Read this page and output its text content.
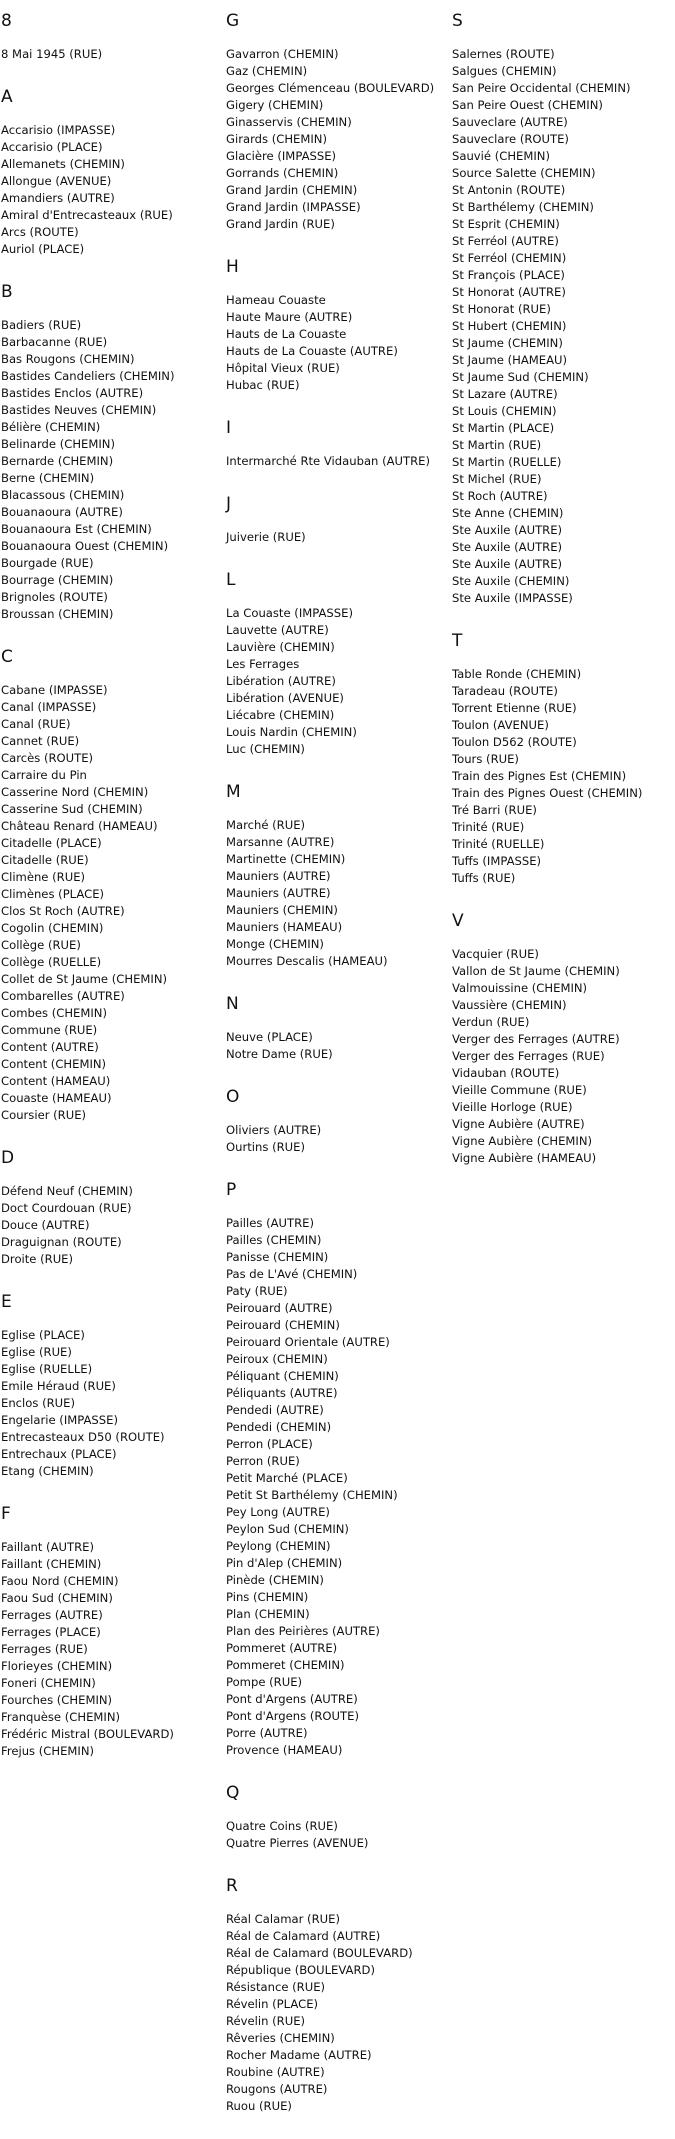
8
8 Mai 1945 (RUE)
A
Accarisio (IMPASSE)
Accarisio (PLACE)
Allemanets (CHEMIN)
Allongue (AVENUE)
Amandiers (AUTRE)
Amiral d'Entrecasteaux (RUE)
Arcs (ROUTE)
Auriol (PLACE)
B
Badiers (RUE)
Barbacanne (RUE)
Bas Rougons (CHEMIN)
Bastides Candeliers (CHEMIN)
Bastides Enclos (AUTRE)
Bastides Neuves (CHEMIN)
Bélière (CHEMIN)
Belinarde (CHEMIN)
Bernarde (CHEMIN)
Berne (CHEMIN)
Blacassous (CHEMIN)
Bouanaoura (AUTRE)
Bouanaoura Est (CHEMIN)
Bouanaoura Ouest (CHEMIN)
Bourgade (RUE)
Bourrage (CHEMIN)
Brignoles (ROUTE)
Broussan (CHEMIN)
C
Cabane (IMPASSE)
Canal (IMPASSE)
Canal (RUE)
Cannet (RUE)
Carcès (ROUTE)
Carraire du Pin
Casserine Nord (CHEMIN)
Casserine Sud (CHEMIN)
Château Renard (HAMEAU)
Citadelle (PLACE)
Citadelle (RUE)
Climène (RUE)
Climènes (PLACE)
Clos St Roch (AUTRE)
Cogolin (CHEMIN)
Collège (RUE)
Collège (RUELLE)
Collet de St Jaume (CHEMIN)
Combarelles (AUTRE)
Combes (CHEMIN)
Commune (RUE)
Content (AUTRE)
Content (CHEMIN)
Content (HAMEAU)
Couaste (HAMEAU)
Coursier (RUE)
D
Défend Neuf (CHEMIN)
Doct Courdouan (RUE)
Douce (AUTRE)
Draguignan (ROUTE)
Droite (RUE)
E
Eglise (PLACE)
Eglise (RUE)
Eglise (RUELLE)
Emile Héraud (RUE)
Enclos (RUE)
Engelarie (IMPASSE)
Entrecasteaux D50 (ROUTE)
Entrechaux (PLACE)
Etang (CHEMIN)
F
Faillant (AUTRE)
Faillant (CHEMIN)
Faou Nord (CHEMIN)
Faou Sud (CHEMIN)
Ferrages (AUTRE)
Ferrages (PLACE)
Ferrages (RUE)
Florieyes (CHEMIN)
Foneri (CHEMIN)
Fourches (CHEMIN)
Franquèse (CHEMIN)
Frédéric Mistral (BOULEVARD)
Frejus (CHEMIN)
G
Gavarron (CHEMIN)
Gaz (CHEMIN)
Georges Clémenceau (BOULEVARD)
Gigery (CHEMIN)
Ginasservis (CHEMIN)
Girards (CHEMIN)
Glacière (IMPASSE)
Gorrands (CHEMIN)
Grand Jardin (CHEMIN)
Grand Jardin (IMPASSE)
Grand Jardin (RUE)
H
Hameau Couaste
Haute Maure (AUTRE)
Hauts de La Couaste
Hauts de La Couaste (AUTRE)
Hôpital Vieux (RUE)
Hubac (RUE)
I
Intermarché Rte Vidauban (AUTRE)
J
Juiverie (RUE)
L
La Couaste (IMPASSE)
Lauvette (AUTRE)
Lauvière (CHEMIN)
Les Ferrages
Libération (AUTRE)
Libération (AVENUE)
Liécabre (CHEMIN)
Louis Nardin (CHEMIN)
Luc (CHEMIN)
M
Marché (RUE)
Marsanne (AUTRE)
Martinette (CHEMIN)
Mauniers (AUTRE)
Mauniers (AUTRE)
Mauniers (CHEMIN)
Mauniers (HAMEAU)
Monge (CHEMIN)
Mourres Descalis (HAMEAU)
N
Neuve (PLACE)
Notre Dame (RUE)
O
Oliviers (AUTRE)
Ourtins (RUE)
P
Pailles (AUTRE)
Pailles (CHEMIN)
Panisse (CHEMIN)
Pas de L'Avé (CHEMIN)
Paty (RUE)
Peirouard (AUTRE)
Peirouard (CHEMIN)
Peirouard Orientale (AUTRE)
Peiroux (CHEMIN)
Péliquant (CHEMIN)
Péliquants (AUTRE)
Pendedi (AUTRE)
Pendedi (CHEMIN)
Perron (PLACE)
Perron (RUE)
Petit Marché (PLACE)
Petit St Barthélemy (CHEMIN)
Pey Long (AUTRE)
Peylon Sud (CHEMIN)
Peylong (CHEMIN)
Pin d'Alep (CHEMIN)
Pinède (CHEMIN)
Pins (CHEMIN)
Plan (CHEMIN)
Plan des Peirières (AUTRE)
Pommeret (AUTRE)
Pommeret (CHEMIN)
Pompe (RUE)
Pont d'Argens (AUTRE)
Pont d'Argens (ROUTE)
Porre (AUTRE)
Provence (HAMEAU)
Q
Quatre Coins (RUE)
Quatre Pierres (AVENUE)
R
Réal Calamar (RUE)
Réal de Calamard (AUTRE)
Réal de Calamard (BOULEVARD)
République (BOULEVARD)
Résistance (RUE)
Révelin (PLACE)
Révelin (RUE)
Rêveries (CHEMIN)
Rocher Madame (AUTRE)
Roubine (AUTRE)
Rougons (AUTRE)
Ruou (RUE)
S
Salernes (ROUTE)
Salgues (CHEMIN)
San Peire Occidental (CHEMIN)
San Peire Ouest (CHEMIN)
Sauveclare (AUTRE)
Sauveclare (ROUTE)
Sauvié (CHEMIN)
Source Salette (CHEMIN)
St Antonin (ROUTE)
St Barthélemy (CHEMIN)
St Esprit (CHEMIN)
St Ferréol (AUTRE)
St Ferréol (CHEMIN)
St François (PLACE)
St Honorat (AUTRE)
St Honorat (RUE)
St Hubert (CHEMIN)
St Jaume (CHEMIN)
St Jaume (HAMEAU)
St Jaume Sud (CHEMIN)
St Lazare (AUTRE)
St Louis (CHEMIN)
St Martin (PLACE)
St Martin (RUE)
St Martin (RUELLE)
St Michel (RUE)
St Roch (AUTRE)
Ste Anne (CHEMIN)
Ste Auxile (AUTRE)
Ste Auxile (AUTRE)
Ste Auxile (AUTRE)
Ste Auxile (CHEMIN)
Ste Auxile (IMPASSE)
T
Table Ronde (CHEMIN)
Taradeau (ROUTE)
Torrent Etienne (RUE)
Toulon (AVENUE)
Toulon D562 (ROUTE)
Tours (RUE)
Train des Pignes Est (CHEMIN)
Train des Pignes Ouest (CHEMIN)
Tré Barri (RUE)
Trinité (RUE)
Trinité (RUELLE)
Tuffs (IMPASSE)
Tuffs (RUE)
V
Vacquier (RUE)
Vallon de St Jaume (CHEMIN)
Valmouissine (CHEMIN)
Vaussière (CHEMIN)
Verdun (RUE)
Verger des Ferrages (AUTRE)
Verger des Ferrages (RUE)
Vidauban (ROUTE)
Vieille Commune (RUE)
Vieille Horloge (RUE)
Vigne Aubière (AUTRE)
Vigne Aubière (CHEMIN)
Vigne Aubière (HAMEAU)
